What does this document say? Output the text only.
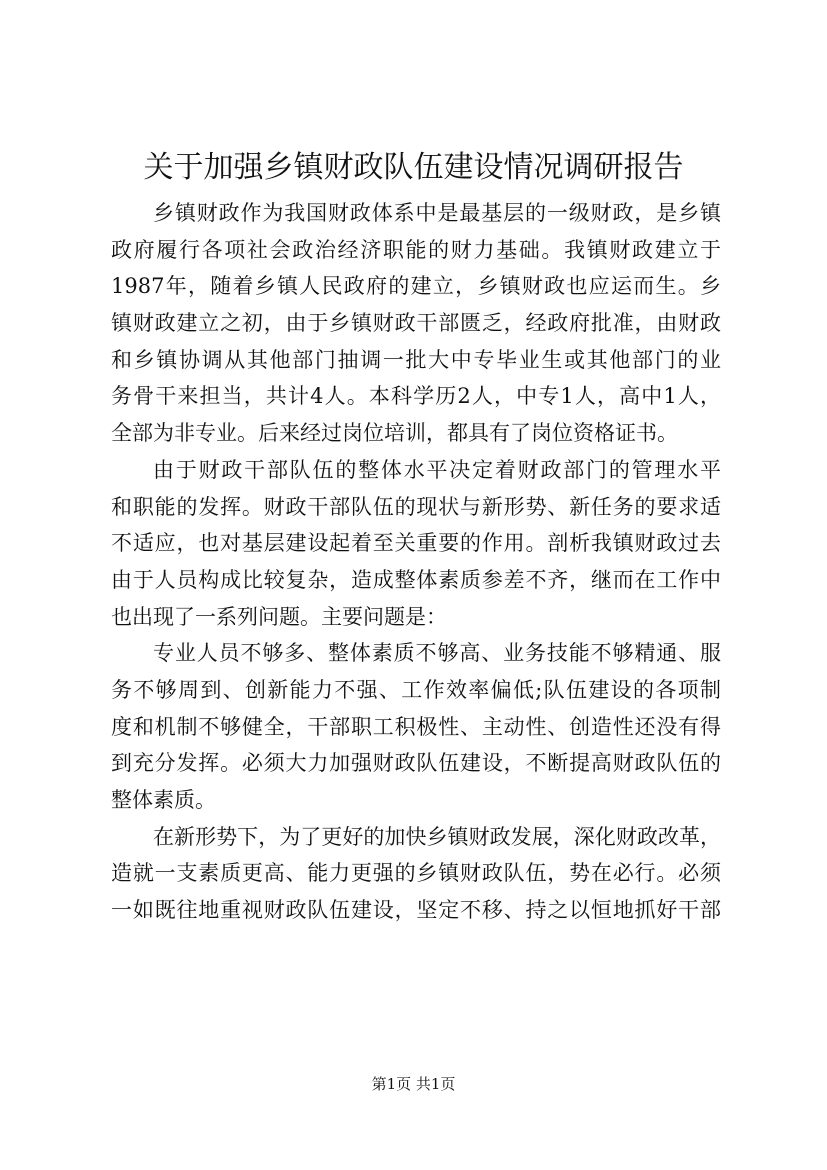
关于加强乡镇财政队伍建设情况调研报告
乡镇财政作为我国财政体系中是最基层的一级财政，是乡镇
政府履行各项社会政治经济职能的财力基础。我镇财政建立于
1987年，随着乡镇人民政府的建立，乡镇财政也应运而生。乡
镇财政建立之初，由于乡镇财政干部匮乏，经政府批准，由财政
和乡镇协调从其他部门抽调一批大中专毕业生或其他部门的业
务骨干来担当，共计4人。本科学历2人，中专1人，高中1人，
全部为非专业。后来经过岗位培训，都具有了岗位资格证书。
由于财政干部队伍的整体水平决定着财政部门的管理水平
和职能的发挥。财政干部队伍的现状与新形势、新任务的要求适
不适应，也对基层建设起着至关重要的作用。剖析我镇财政过去
由于人员构成比较复杂，造成整体素质参差不齐，继而在工作中
也出现了一系列问题。主要问题是：
专业人员不够多、整体素质不够高、业务技能不够精通、服
务不够周到、创新能力不强、工作效率偏低;队伍建设的各项制
度和机制不够健全，干部职工积极性、主动性、创造性还没有得
到充分发挥。必须大力加强财政队伍建设，不断提高财政队伍的
整体素质。
在新形势下，为了更好的加快乡镇财政发展，深化财政改革，
造就一支素质更高、能力更强的乡镇财政队伍，势在必行。必须
一如既往地重视财政队伍建设，坚定不移、持之以恒地抓好干部
第1页 共1页
